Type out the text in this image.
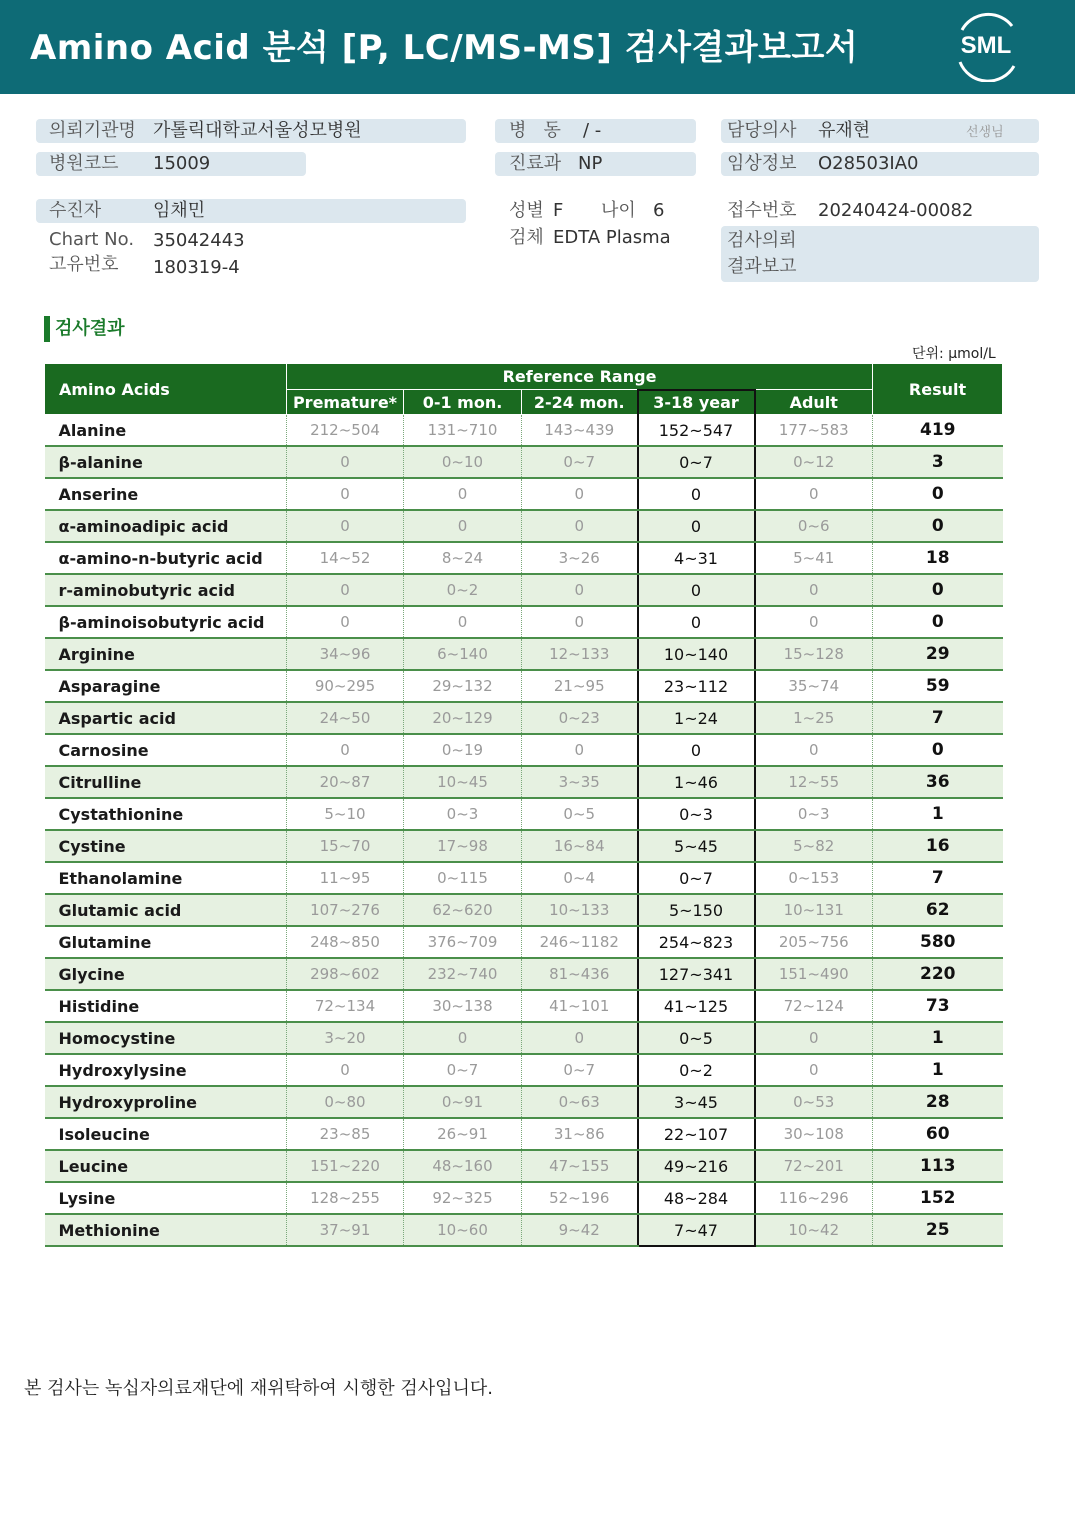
Amino Acid 분석 [P, LC/MS-MS] 검사결과보고서	SML
의뢰기관명 가톨릭대학교서울성모병원	병   동 / -	담당의사 유재현	선생님
병원코드 15009	진료과 NP	임상정보 O28503IA0
수진자	임채민	성별 F 나이 6	접수번호 20240424-00082
Chart No. 35042443	검체 EDTA Plasma	검사의뢰
결과보고
고유번호 180319-4
검사결과
단위: μmol/L
Amino Acids	Reference Range					Result
	Premature*	0-1 mon.	2-24 mon.	3-18 year	Adult	
Alanine	212~504	131~710	143~439	152~547	177~583	419
β-alanine	0	0~10	0~7	0~7	0~12	3
Anserine	0	0	0	0	0	0
α-aminoadipic acid	0	0	0	0	0~6	0
α-amino-n-butyric acid	14~52	8~24	3~26	4~31	5~41	18
r-aminobutyric acid	0	0~2	0	0	0	0
β-aminoisobutyric acid	0	0	0	0	0	0
Arginine	34~96	6~140	12~133	10~140	15~128	29
Asparagine	90~295	29~132	21~95	23~112	35~74	59
Aspartic acid	24~50	20~129	0~23	1~24	1~25	7
Carnosine	0	0~19	0	0	0	0
Citrulline	20~87	10~45	3~35	1~46	12~55	36
Cystathionine	5~10	0~3	0~5	0~3	0~3	1
Cystine	15~70	17~98	16~84	5~45	5~82	16
Ethanolamine	11~95	0~115	0~4	0~7	0~153	7
Glutamic acid	107~276	62~620	10~133	5~150	10~131	62
Glutamine	248~850	376~709	246~1182	254~823	205~756	580
Glycine	298~602	232~740	81~436	127~341	151~490	220
Histidine	72~134	30~138	41~101	41~125	72~124	73
Homocystine	3~20	0	0	0~5	0	1
Hydroxylysine	0	0~7	0~7	0~2	0	1
Hydroxyproline	0~80	0~91	0~63	3~45	0~53	28
Isoleucine	23~85	26~91	31~86	22~107	30~108	60
Leucine	151~220	48~160	47~155	49~216	72~201	113
Lysine	128~255	92~325	52~196	48~284	116~296	152
Methionine	37~91	10~60	9~42	7~47	10~42	25
본 검사는 녹십자의료재단에 재위탁하여 시행한 검사입니다.
